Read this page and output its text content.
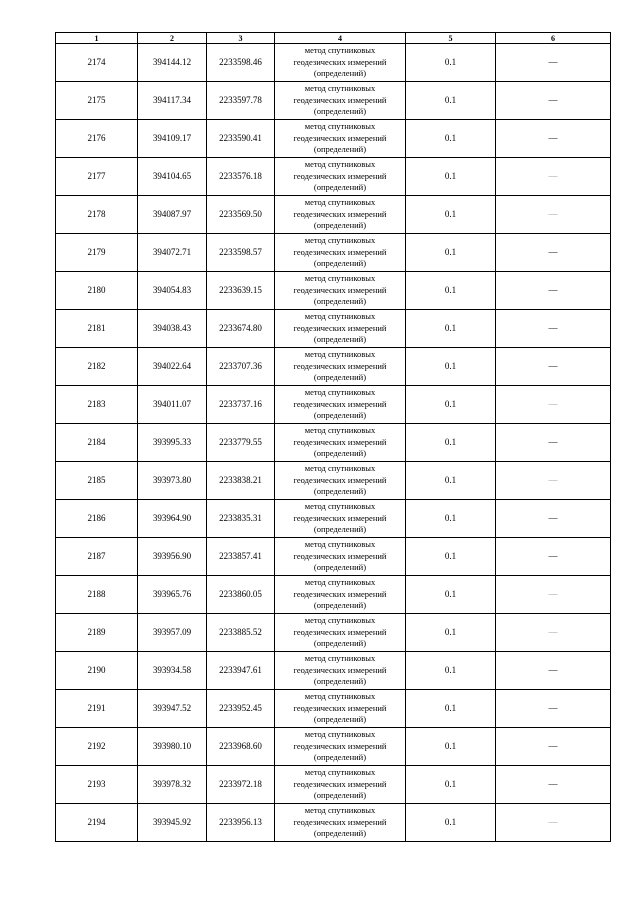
1	2	3	4	5	6
2174	394144.12	2233598.46	метод спутниковых
геодезических измерений
(определений)	0.1	—
2175	394117.34	2233597.78	метод спутниковых
геодезических измерений
(определений)	0.1	—
2176	394109.17	2233590.41	метод спутниковых
геодезических измерений
(определений)	0.1	—
2177	394104.65	2233576.18	метод спутниковых
геодезических измерений
(определений)	0.1	—
2178	394087.97	2233569.50	метод спутниковых
геодезических измерений
(определений)	0.1	—
2179	394072.71	2233598.57	метод спутниковых
геодезических измерений
(определений)	0.1	—
2180	394054.83	2233639.15	метод спутниковых
геодезических измерений
(определений)	0.1	—
2181	394038.43	2233674.80	метод спутниковых
геодезических измерений
(определений)	0.1	—
2182	394022.64	2233707.36	метод спутниковых
геодезических измерений
(определений)	0.1	—
2183	394011.07	2233737.16	метод спутниковых
геодезических измерений
(определений)	0.1	—
2184	393995.33	2233779.55	метод спутниковых
геодезических измерений
(определений)	0.1	—
2185	393973.80	2233838.21	метод спутниковых
геодезических измерений
(определений)	0.1	—
2186	393964.90	2233835.31	метод спутниковых
геодезических измерений
(определений)	0.1	—
2187	393956.90	2233857.41	метод спутниковых
геодезических измерений
(определений)	0.1	—
2188	393965.76	2233860.05	метод спутниковых
геодезических измерений
(определений)	0.1	—
2189	393957.09	2233885.52	метод спутниковых
геодезических измерений
(определений)	0.1	—
2190	393934.58	2233947.61	метод спутниковых
геодезических измерений
(определений)	0.1	—
2191	393947.52	2233952.45	метод спутниковых
геодезических измерений
(определений)	0.1	—
2192	393980.10	2233968.60	метод спутниковых
геодезических измерений
(определений)	0.1	—
2193	393978.32	2233972.18	метод спутниковых
геодезических измерений
(определений)	0.1	—
2194	393945.92	2233956.13	метод спутниковых
геодезических измерений
(определений)	0.1	—
